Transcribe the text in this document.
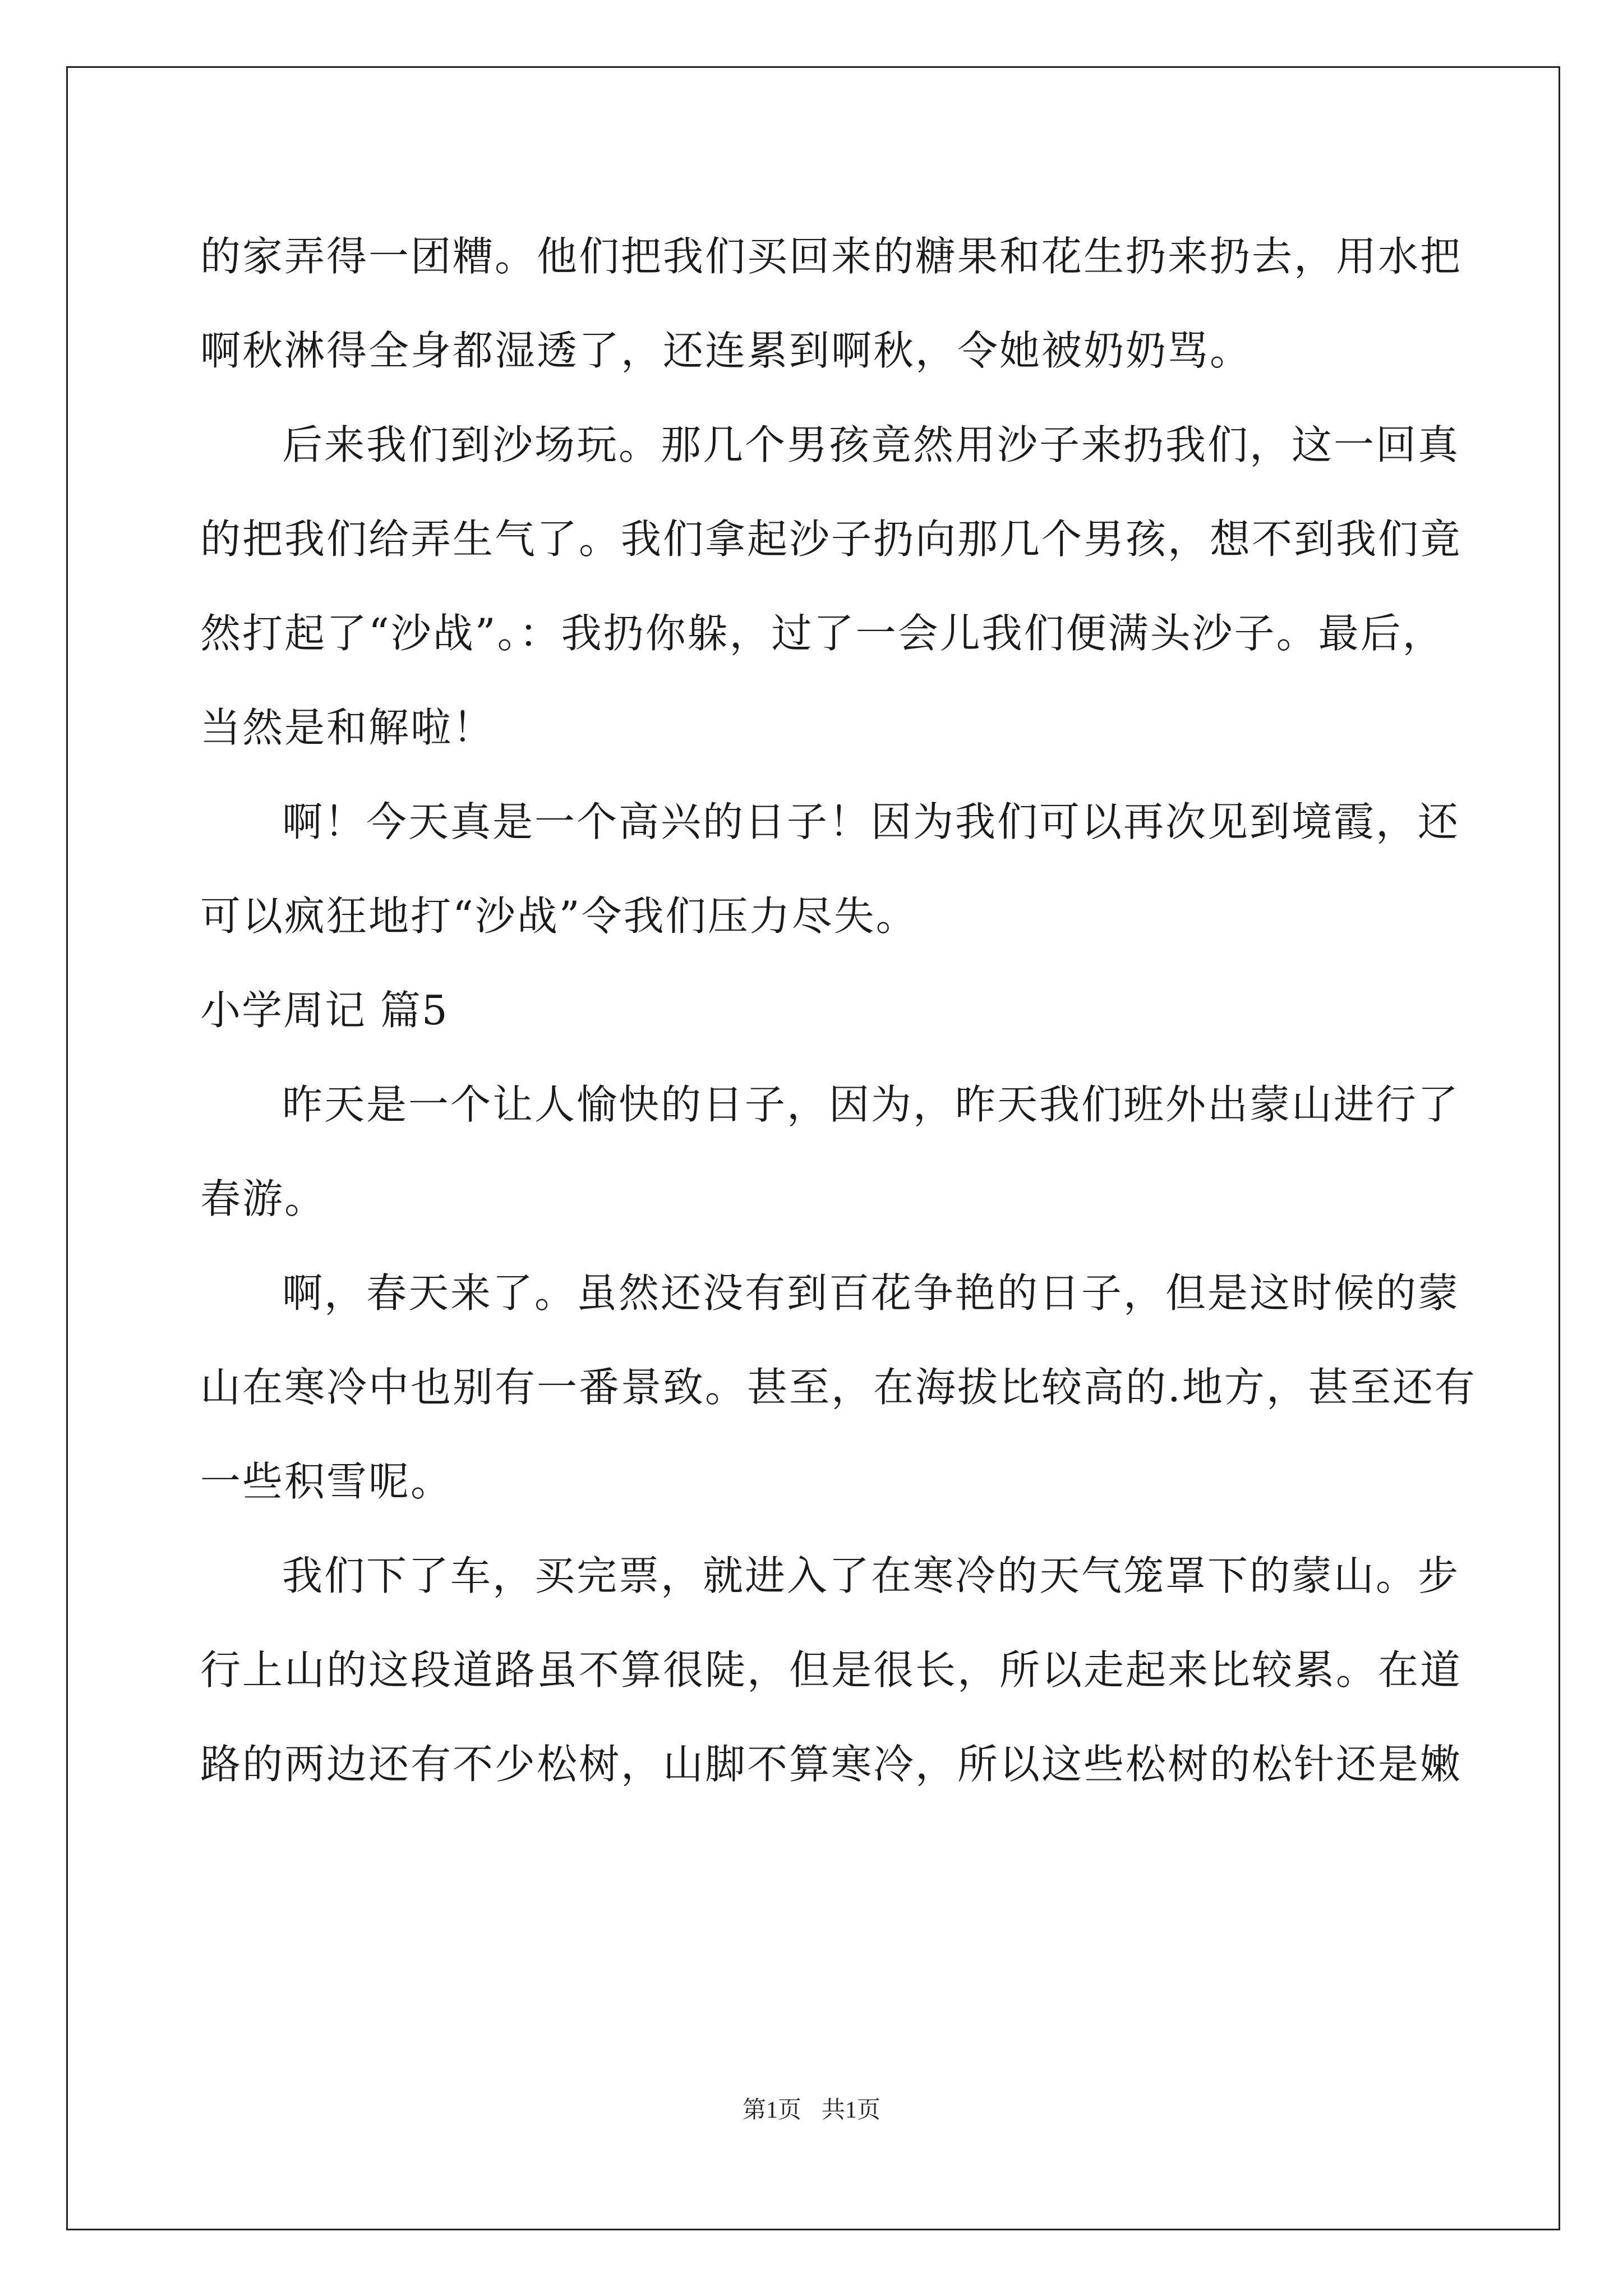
的家弄得一团糟。他们把我们买回来的糖果和花生扔来扔去，用水把
啊秋淋得全身都湿透了，还连累到啊秋，令她被奶奶骂。
后来我们到沙场玩。那几个男孩竟然用沙子来扔我们，这一回真
的把我们给弄生气了。我们拿起沙子扔向那几个男孩，想不到我们竟
然打起了“沙战”。：我扔你躲，过了一会儿我们便满头沙子。最后，
当然是和解啦！
啊！今天真是一个高兴的日子！因为我们可以再次见到境霞，还
可以疯狂地打“沙战”令我们压力尽失。
小学周记 篇5
昨天是一个让人愉快的日子，因为，昨天我们班外出蒙山进行了
春游。
啊，春天来了。虽然还没有到百花争艳的日子，但是这时候的蒙
山在寒冷中也别有一番景致。甚至，在海拔比较高的.地方，甚至还有
一些积雪呢。
我们下了车，买完票，就进入了在寒冷的天气笼罩下的蒙山。步
行上山的这段道路虽不算很陡，但是很长，所以走起来比较累。在道
路的两边还有不少松树，山脚不算寒冷，所以这些松树的松针还是嫩
第1页 共1页
